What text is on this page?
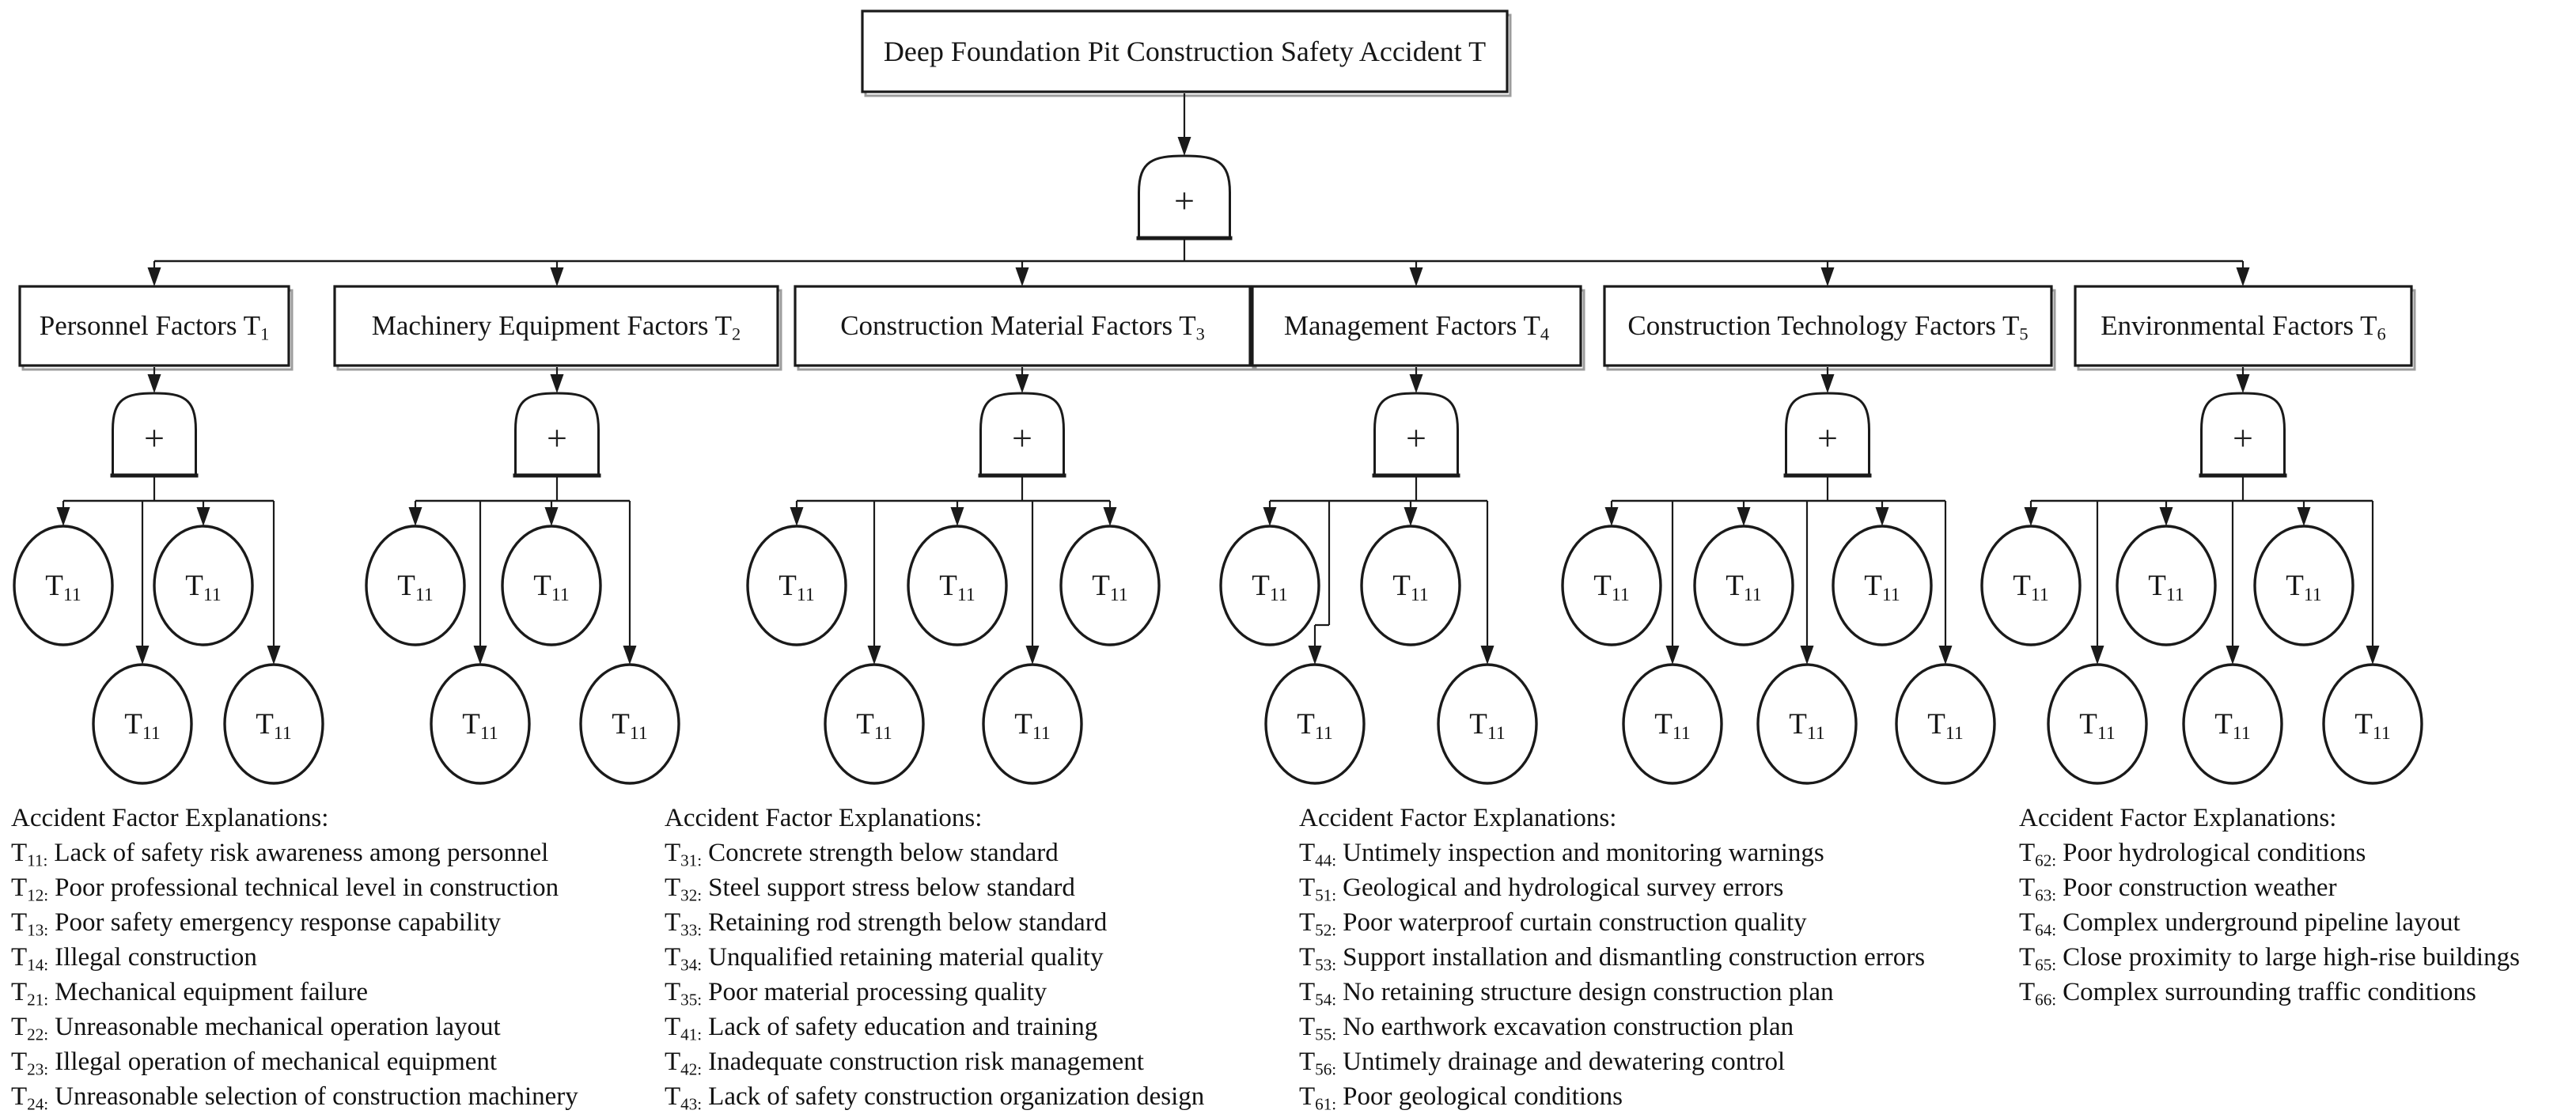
Deep Foundation Pit Construction Safety Accident T
+
Personnel Factors $T_1$
+
$T_{11}$	$T_{11}$
$T_{11}$	$T_{11}$
Machinery Equipment Factors $T_2$
+
$T_{11}$	$T_{11}$
$T_{11}$	$T_{11}$
Construction Material Factors $T_3$
+
$T_{11}$	$T_{11}$	$T_{11}$
$T_{11}$	$T_{11}$
Management Factors $T_4$
+
$T_{11}$	$T_{11}$
$T_{11}$	$T_{11}$
Construction Technology Factors $T_5$
+
$T_{11}$	$T_{11}$	$T_{11}$
$T_{11}$	$T_{11}$	$T_{11}$
Environmental Factors $T_6$
+
$T_{11}$	$T_{11}$	$T_{11}$
$T_{11}$	$T_{11}$	$T_{11}$
Accident Factor Explanations:
$T_{11:}$ Lack of safety risk awareness among personnel
$T_{12:}$ Poor professional technical level in construction
$T_{13:}$ Poor safety emergency response capability
$T_{14:}$ Illegal construction
$T_{21:}$ Mechanical equipment failure
$T_{22:}$ Unreasonable mechanical operation layout
$T_{23:}$ Illegal operation of mechanical equipment
$T_{24:}$ Unreasonable selection of construction machinery
Accident Factor Explanations:
$T_{31:}$ Concrete strength below standard
$T_{32:}$ Steel support stress below standard
$T_{33:}$ Retaining rod strength below standard
$T_{34:}$ Unqualified retaining material quality
$T_{35:}$ Poor material processing quality
$T_{41:}$ Lack of safety education and training
$T_{42:}$ Inadequate construction risk management
$T_{43:}$ Lack of safety construction organization design
Accident Factor Explanations:
$T_{44:}$ Untimely inspection and monitoring warnings
$T_{51:}$ Geological and hydrological survey errors
$T_{52:}$ Poor waterproof curtain construction quality
$T_{53:}$ Support installation and dismantling construction errors
$T_{54:}$ No retaining structure design construction plan
$T_{55:}$ No earthwork excavation construction plan
$T_{56:}$ Untimely drainage and dewatering control
$T_{61:}$ Poor geological conditions
Accident Factor Explanations:
$T_{62:}$ Poor hydrological conditions
$T_{63:}$ Poor construction weather
$T_{64:}$ Complex underground pipeline layout
$T_{65:}$ Close proximity to large high-rise buildings
$T_{66:}$ Complex surrounding traffic conditions
